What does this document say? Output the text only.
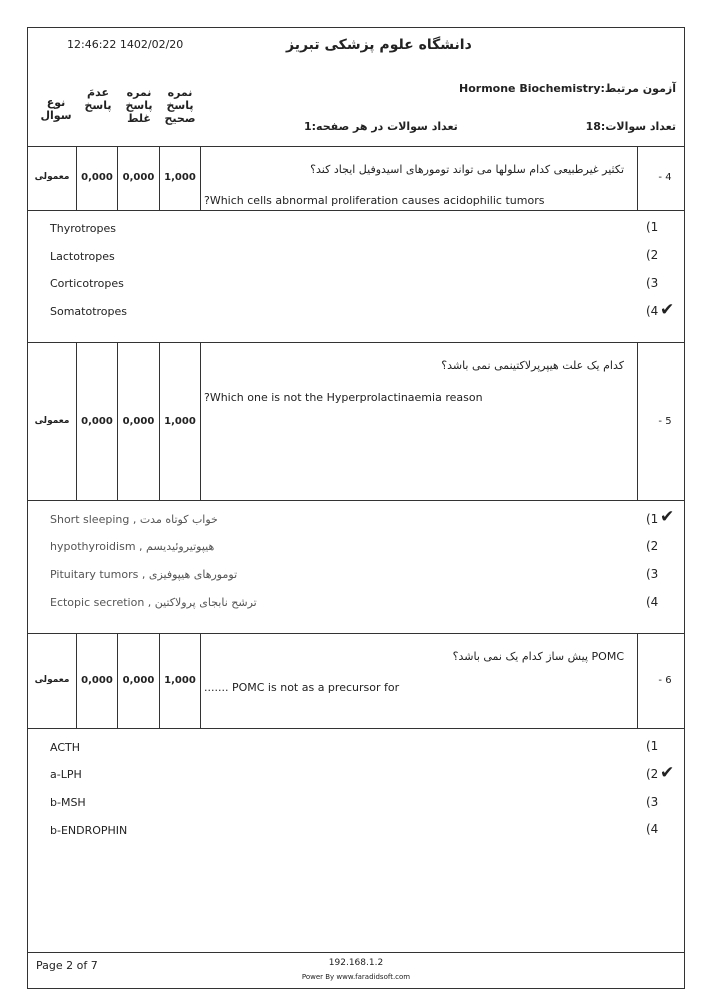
12:46:22 1402/02/20	دانشگاه علوم پزشکی تبریز
نوع
سوال
عدمَ
پاسخ
نمره
پاسخ
غلط
نمره
پاسخ
صحیح
آزمون مرتبط:Hormone Biochemistry
تعداد سوالات:18
تعداد سوالات در هر صفحه:1
معمولی	0,000 0,000 1,000
تکثیر غیرطبیعی کدام سلولها می تواند تومورهای اسیدوفیل ایجاد کند؟
?Which cells abnormal proliferation causes acidophilic tumors
- 4
Thyrotropes	(1
Lactotropes	(2
Corticotropes	(3
Somatotropes	(4 ✔
معمولی	0,000 0,000 1,000
کدام یک علت هیپرپرلاکتینمی نمی باشد؟
?Which one is not the Hyperprolactinaemia reason
- 5
Short sleeping , خواب کوتاه مدت	(1 ✔
hypothyroidism , هیپوتیروئیدیسم	(2
Pituitary tumors , تومورهای هیپوفیزی	(3
Ectopic secretion , ترشح نابجای پرولاکتین	(4
معمولی	0,000 0,000 1,000
POMC پیش ساز کدام یک نمی باشد؟
....... POMC is not as a precursor for
- 6
ACTH	(1
a-LPH	(2 ✔
b-MSH	(3
b-ENDROPHIN	(4
Page 2 of 7	192.168.1.2
Power By www.faradidsoft.com
